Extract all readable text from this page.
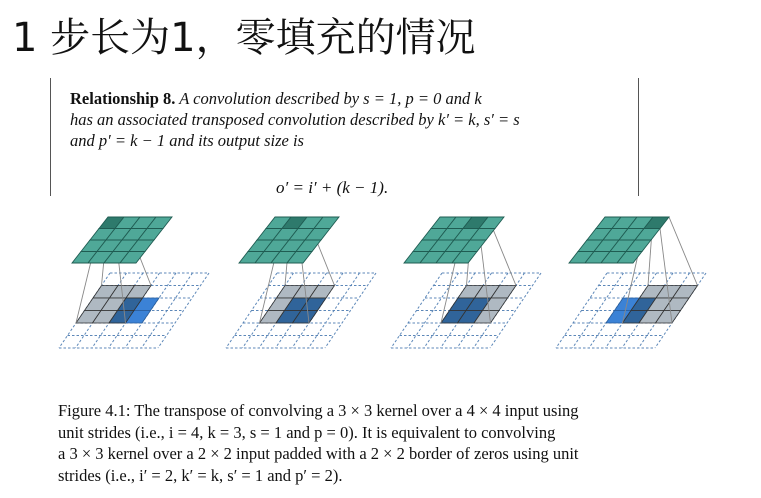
1 步长为1，零填充的情况
Relationship 8. A convolution described by s = 1, p = 0 and k
has an associated transposed convolution described by k′ = k, s′ = s
and p′ = k − 1 and its output size is
o′ = i′ + (k − 1).
Figure 4.1: The transpose of convolving a 3 × 3 kernel over a 4 × 4 input using
unit strides (i.e., i = 4, k = 3, s = 1 and p = 0). It is equivalent to convolving
a 3 × 3 kernel over a 2 × 2 input padded with a 2 × 2 border of zeros using unit
strides (i.e., i′ = 2, k′ = k, s′ = 1 and p′ = 2).
